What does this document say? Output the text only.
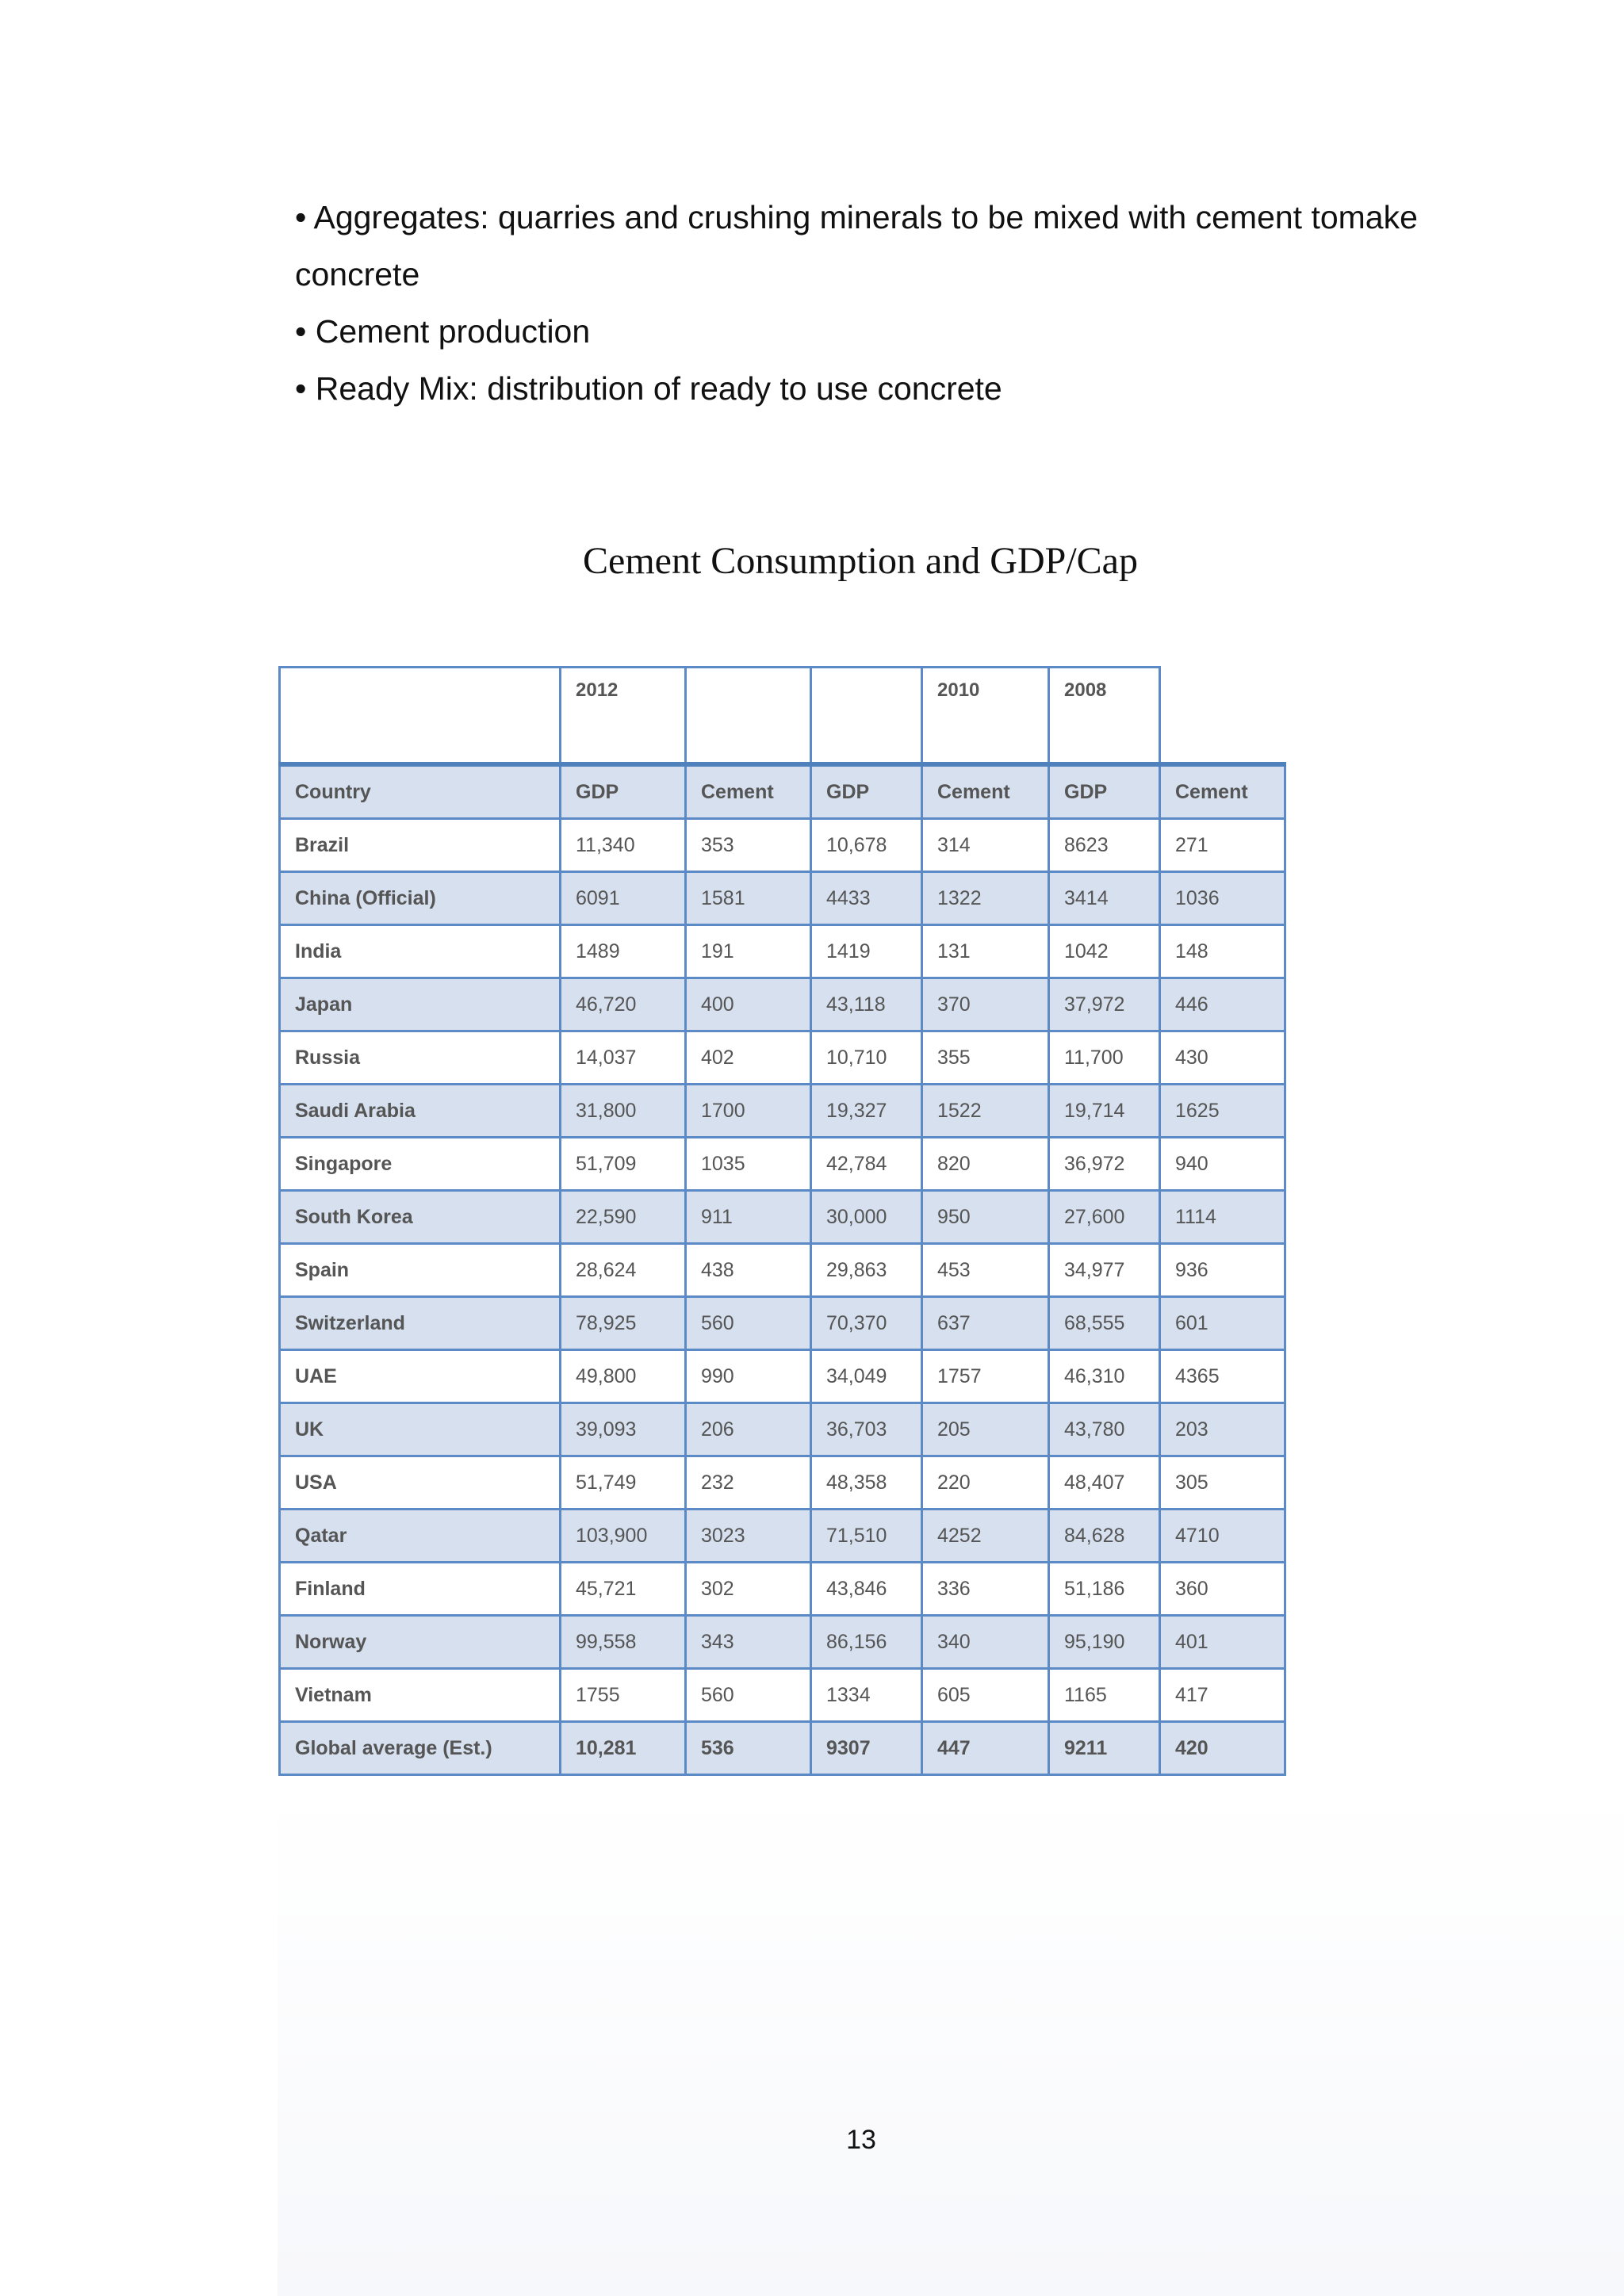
• Aggregates: quarries and crushing minerals to be mixed with cement tomake
concrete
• Cement production
• Ready Mix: distribution of ready to use concrete
Cement Consumption and GDP/Cap
	2012			2010	2008	
Country	GDP	Cement	GDP	Cement	GDP	Cement
Brazil	11,340	353	10,678	314	8623	271
China (Official)	6091	1581	4433	1322	3414	1036
India	1489	191	1419	131	1042	148
Japan	46,720	400	43,118	370	37,972	446
Russia	14,037	402	10,710	355	11,700	430
Saudi Arabia	31,800	1700	19,327	1522	19,714	1625
Singapore	51,709	1035	42,784	820	36,972	940
South Korea	22,590	911	30,000	950	27,600	1114
Spain	28,624	438	29,863	453	34,977	936
Switzerland	78,925	560	70,370	637	68,555	601
UAE	49,800	990	34,049	1757	46,310	4365
UK	39,093	206	36,703	205	43,780	203
USA	51,749	232	48,358	220	48,407	305
Qatar	103,900	3023	71,510	4252	84,628	4710
Finland	45,721	302	43,846	336	51,186	360
Norway	99,558	343	86,156	340	95,190	401
Vietnam	1755	560	1334	605	1165	417
Global average (Est.)	10,281	536	9307	447	9211	420
13
